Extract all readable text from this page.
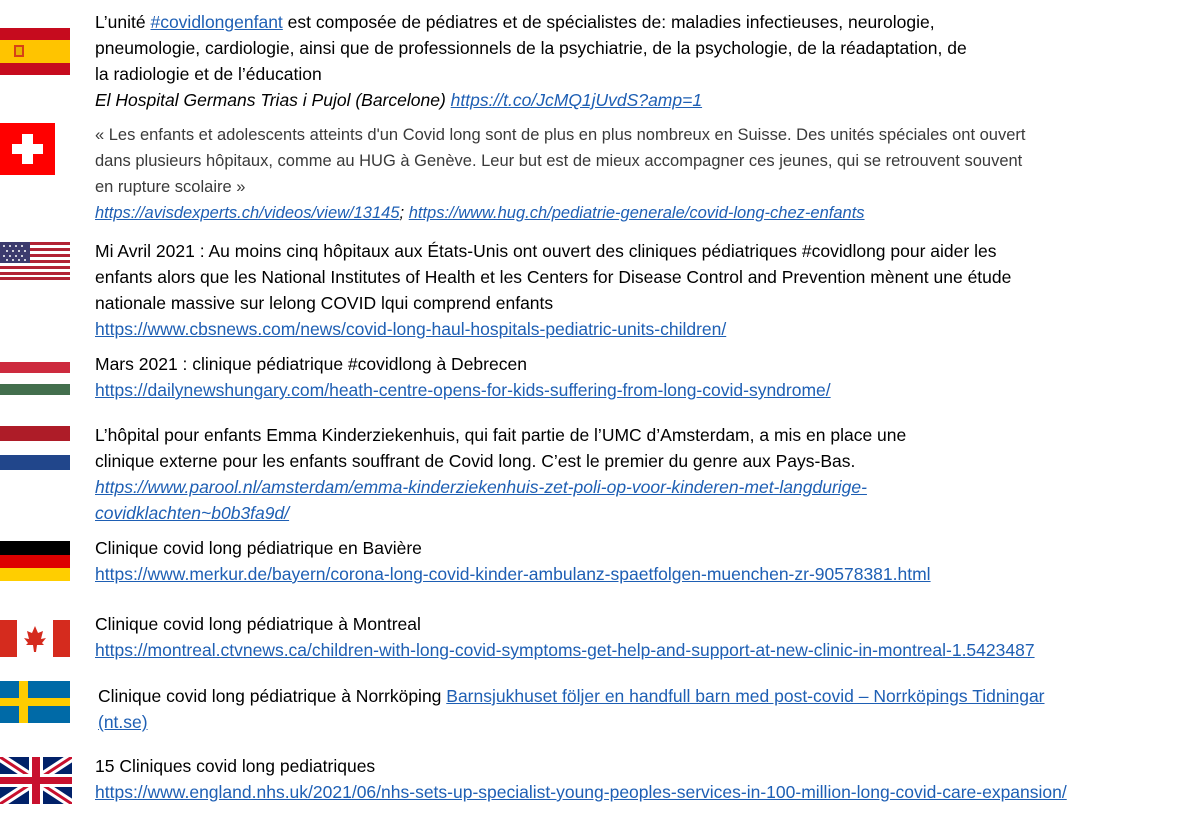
L’unité #covidlongenfant est composée de pédiatres et de spécialistes de: maladies infectieuses, neurologie,
pneumologie, cardiologie, ainsi que de professionnels de la psychiatrie, de la psychologie, de la réadaptation, de
la radiologie et de l’éducation
El Hospital Germans Trias i Pujol (Barcelone) https://t.co/JcMQ1jUvdS?amp=1
« Les enfants et adolescents atteints d'un Covid long sont de plus en plus nombreux en Suisse. Des unités spéciales ont ouvert
dans plusieurs hôpitaux, comme au HUG à Genève. Leur but est de mieux accompagner ces jeunes, qui se retrouvent souvent
en rupture scolaire »
https://avisdexperts.ch/videos/view/13145; https://www.hug.ch/pediatrie-generale/covid-long-chez-enfants
Mi Avril 2021 : Au moins cinq hôpitaux aux États-Unis ont ouvert des cliniques pédiatriques #covidlong pour aider les
enfants alors que les National Institutes of Health et les Centers for Disease Control and Prevention mènent une étude
nationale massive sur lelong COVID lqui comprend enfants
https://www.cbsnews.com/news/covid-long-haul-hospitals-pediatric-units-children/
Mars 2021 : clinique pédiatrique #covidlong à Debrecen
https://dailynewshungary.com/heath-centre-opens-for-kids-suffering-from-long-covid-syndrome/
L’hôpital pour enfants Emma Kinderziekenhuis, qui fait partie de l’UMC d’Amsterdam, a mis en place une
clinique externe pour les enfants souffrant de Covid long. C’est le premier du genre aux Pays-Bas.
https://www.parool.nl/amsterdam/emma-kinderziekenhuis-zet-poli-op-voor-kinderen-met-langdurige-
covidklachten~b0b3fa9d/
Clinique covid long pédiatrique en Bavière
https://www.merkur.de/bayern/corona-long-covid-kinder-ambulanz-spaetfolgen-muenchen-zr-90578381.html
Clinique covid long pédiatrique à Montreal
https://montreal.ctvnews.ca/children-with-long-covid-symptoms-get-help-and-support-at-new-clinic-in-montreal-1.5423487
Clinique covid long pédiatrique à Norrköping Barnsjukhuset följer en handfull barn med post-covid – Norrköpings Tidningar
(nt.se)
15 Cliniques covid long pediatriques
https://www.england.nhs.uk/2021/06/nhs-sets-up-specialist-young-peoples-services-in-100-million-long-covid-care-expansion/
